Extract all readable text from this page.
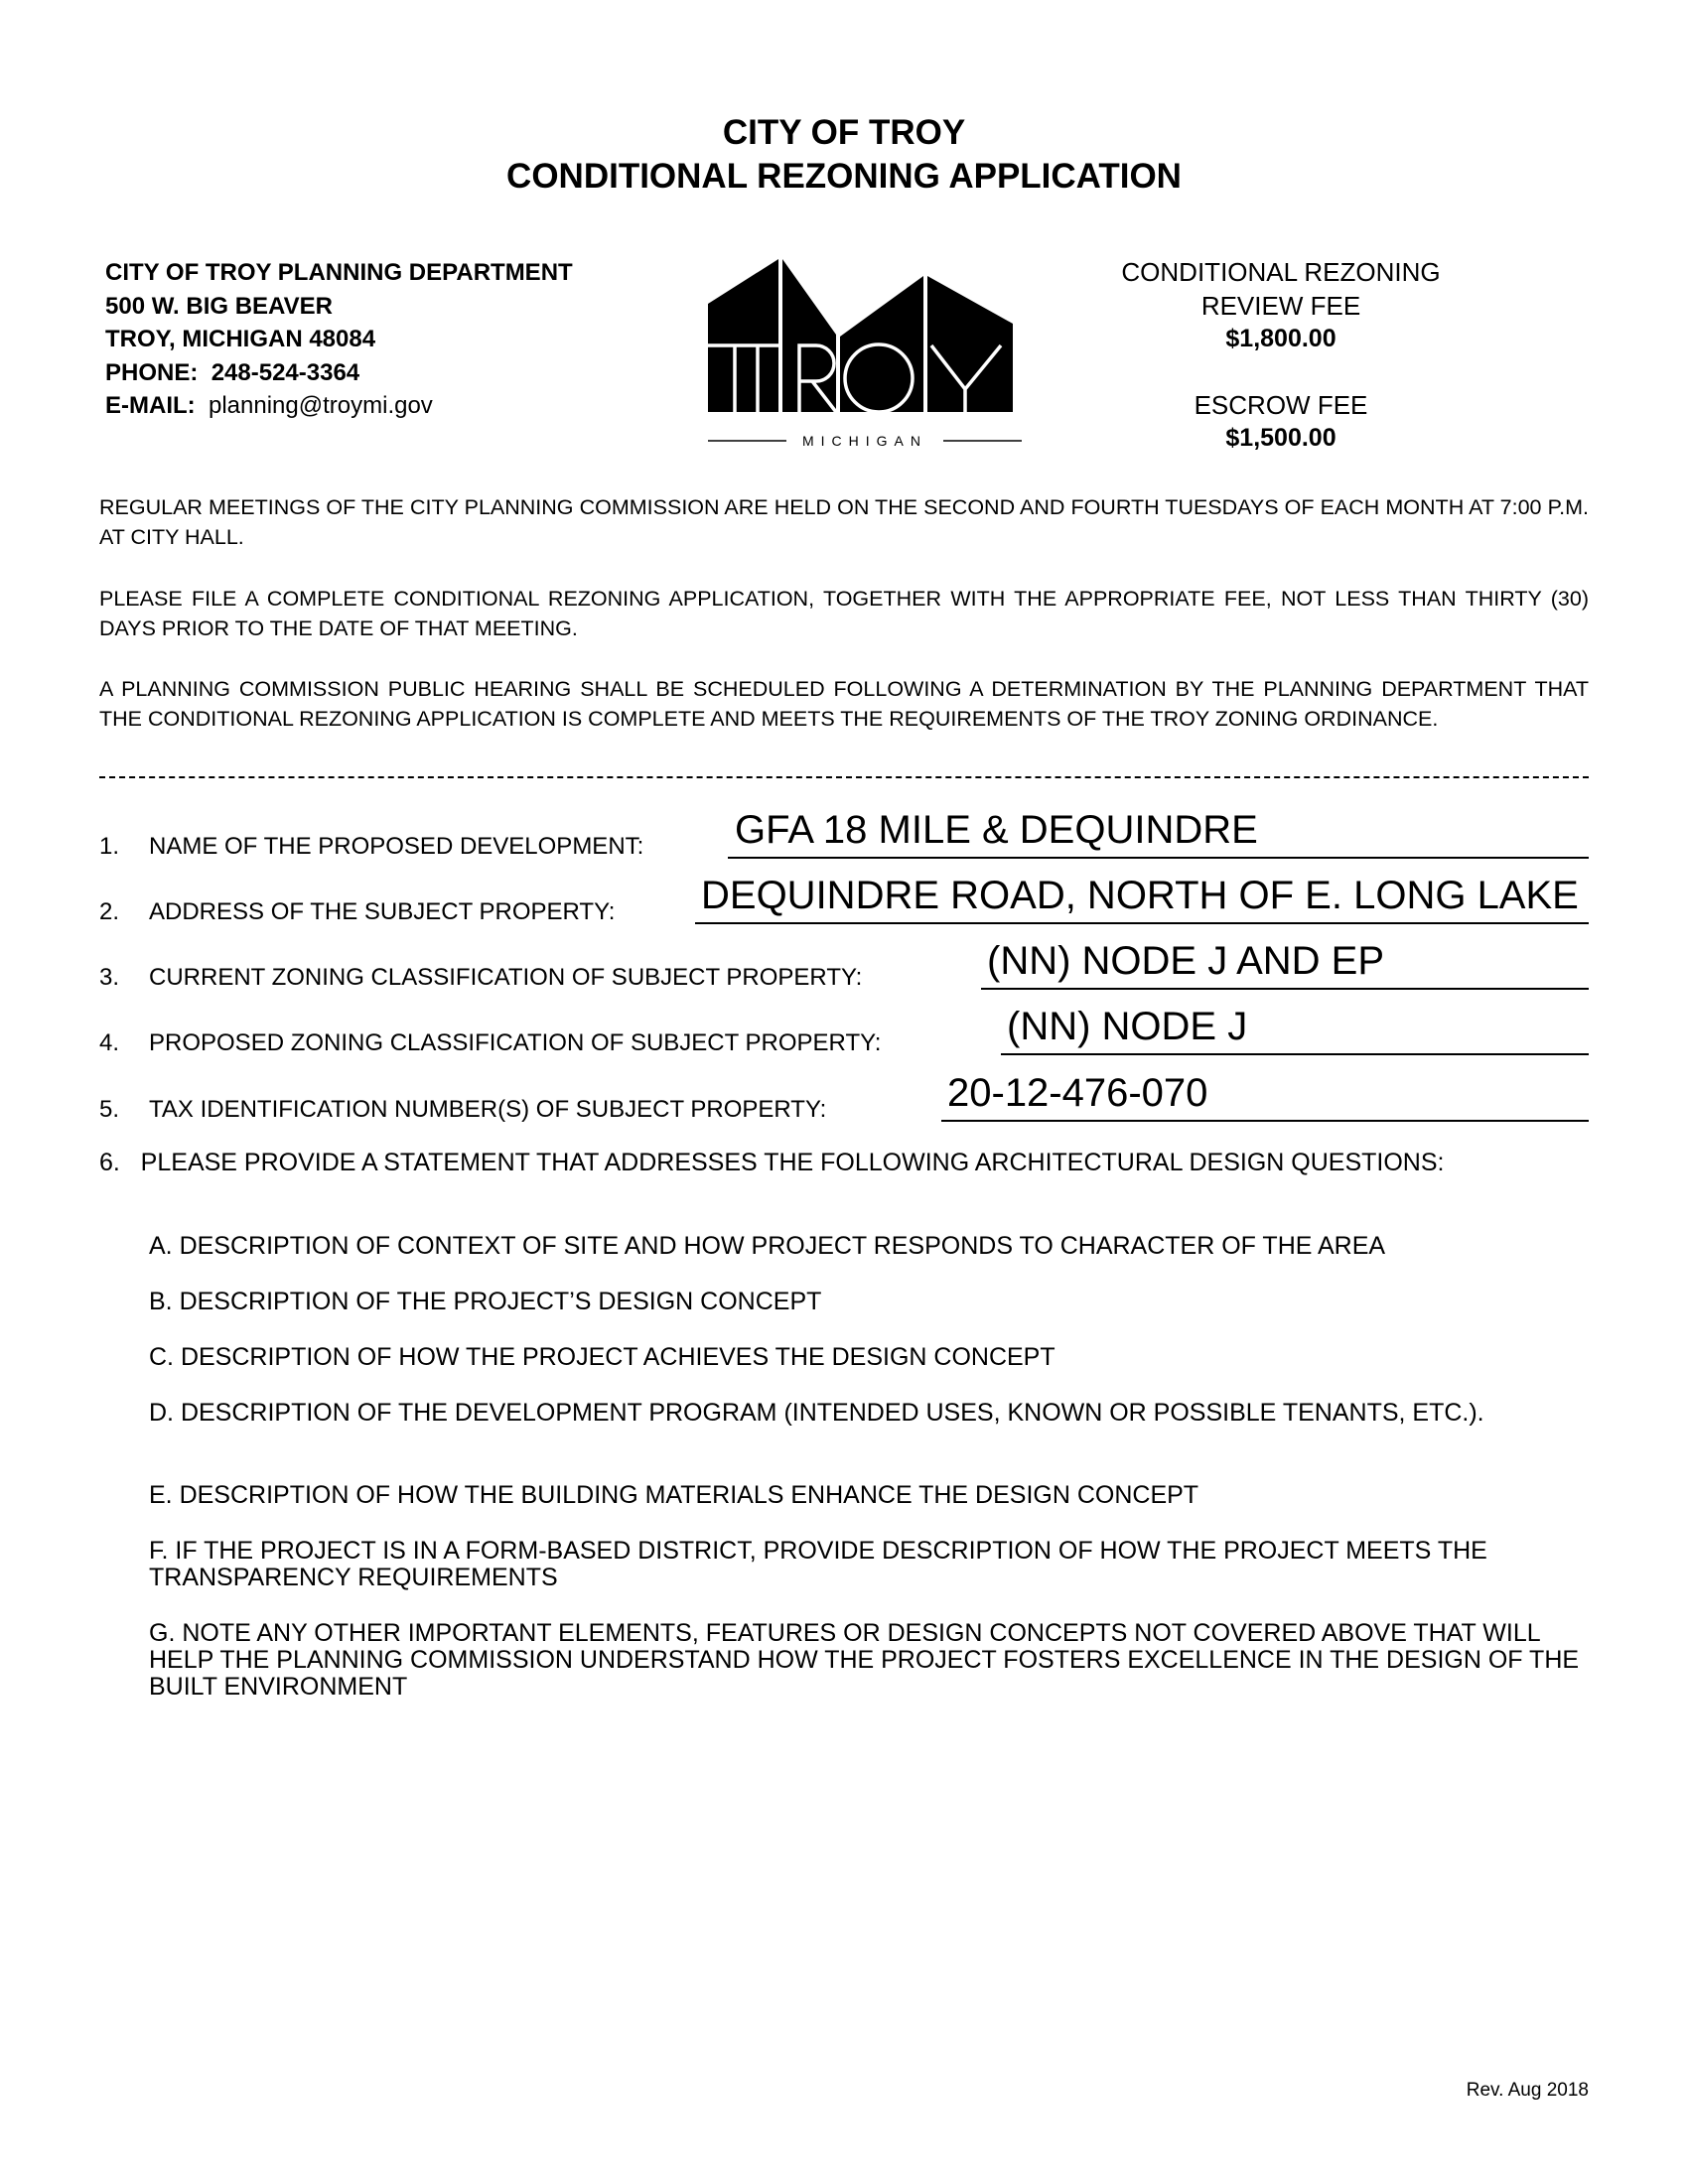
CITY OF TROY
CONDITIONAL REZONING APPLICATION
CITY OF TROY PLANNING DEPARTMENT
500 W. BIG BEAVER
TROY, MICHIGAN 48084
PHONE: 248-524-3364
E-MAIL: planning@troymi.gov
MICHIGAN
CONDITIONAL REZONING
REVIEW FEE
$1,800.00
ESCROW FEE
$1,500.00
REGULAR MEETINGS OF THE CITY PLANNING COMMISSION ARE HELD ON THE SECOND AND FOURTH TUESDAYS OF EACH MONTH AT 7:00 P.M. AT CITY HALL.
PLEASE FILE A COMPLETE CONDITIONAL REZONING APPLICATION, TOGETHER WITH THE APPROPRIATE FEE, NOT LESS THAN THIRTY (30) DAYS PRIOR TO THE DATE OF THAT MEETING.
A PLANNING COMMISSION PUBLIC HEARING SHALL BE SCHEDULED FOLLOWING A DETERMINATION BY THE PLANNING DEPARTMENT THAT THE CONDITIONAL REZONING APPLICATION IS COMPLETE AND MEETS THE REQUIREMENTS OF THE TROY ZONING ORDINANCE.
1. NAME OF THE PROPOSED DEVELOPMENT: GFA 18 MILE & DEQUINDRE
2. ADDRESS OF THE SUBJECT PROPERTY: DEQUINDRE ROAD, NORTH OF E. LONG LAKE
3. CURRENT ZONING CLASSIFICATION OF SUBJECT PROPERTY:	(NN) NODE J AND EP
4. PROPOSED ZONING CLASSIFICATION OF SUBJECT PROPERTY:	(NN) NODE J
5. TAX IDENTIFICATION NUMBER(S) OF SUBJECT PROPERTY:	20-12-476-070
6.   PLEASE PROVIDE A STATEMENT THAT ADDRESSES THE FOLLOWING ARCHITECTURAL DESIGN QUESTIONS:
A. DESCRIPTION OF CONTEXT OF SITE AND HOW PROJECT RESPONDS TO CHARACTER OF THE AREA
B. DESCRIPTION OF THE PROJECT’S DESIGN CONCEPT
C. DESCRIPTION OF HOW THE PROJECT ACHIEVES THE DESIGN CONCEPT
D. DESCRIPTION OF THE DEVELOPMENT PROGRAM (INTENDED USES, KNOWN OR POSSIBLE TENANTS, ETC.).
E. DESCRIPTION OF HOW THE BUILDING MATERIALS ENHANCE THE DESIGN CONCEPT
F. IF THE PROJECT IS IN A FORM-BASED DISTRICT, PROVIDE DESCRIPTION OF HOW THE PROJECT MEETS THE TRANSPARENCY REQUIREMENTS
G. NOTE ANY OTHER IMPORTANT ELEMENTS, FEATURES OR DESIGN CONCEPTS NOT COVERED ABOVE THAT WILL HELP THE PLANNING COMMISSION UNDERSTAND HOW THE PROJECT FOSTERS EXCELLENCE IN THE DESIGN OF THE BUILT ENVIRONMENT
Rev. Aug 2018
